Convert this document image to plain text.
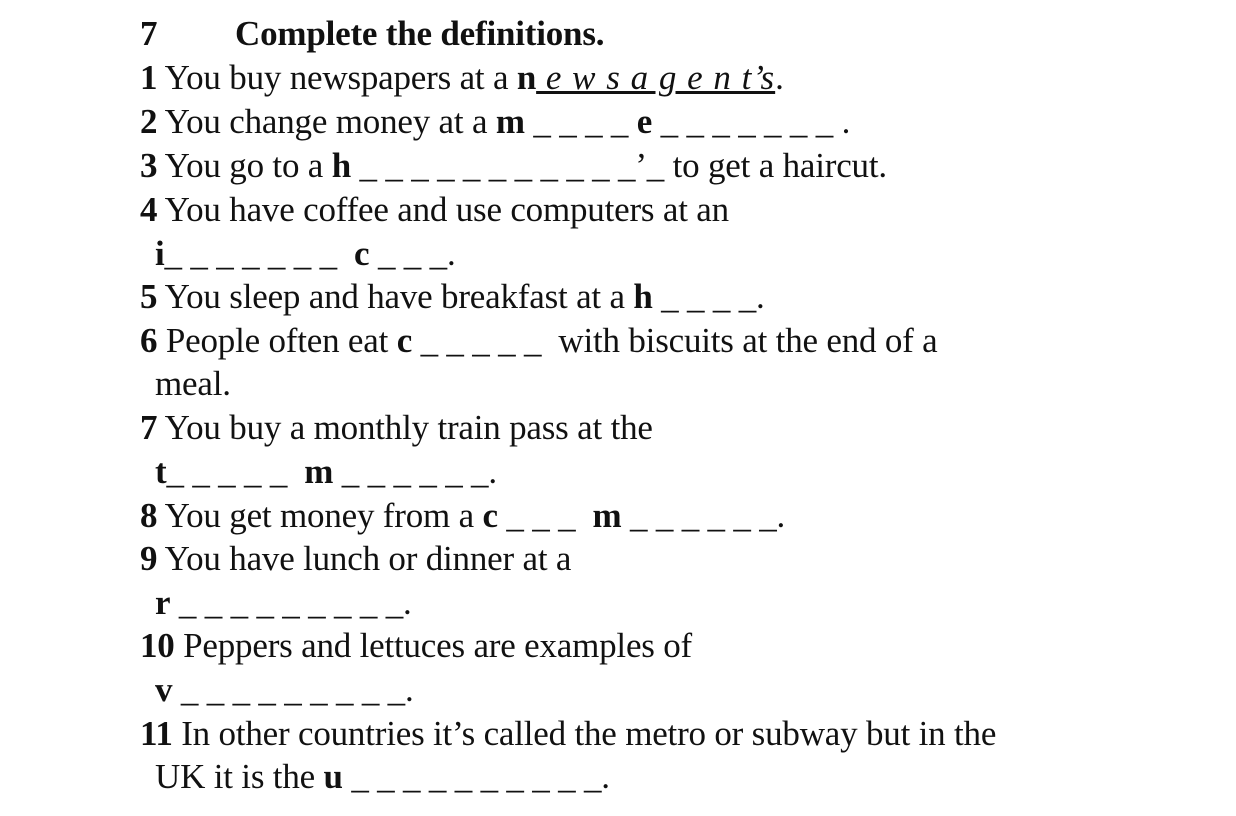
7 Complete the definitions.
1 You buy newspapers at a n e w s a g e n t’s.
2 You change money at a m _ _ _ _ e _ _ _ _ _ _ _ .
3 You go to a h _ _ _ _ _ _ _ _ _ _ _’_ to get a haircut.
4 You have coffee and use computers at an
i_ _ _ _ _ _ _  c _ _ _.
5 You sleep and have breakfast at a h _ _ _ _.
6 People often eat c _ _ _ _ _  with biscuits at the end of a
meal.
7 You buy a monthly train pass at the
t_ _ _ _ _  m _ _ _ _ _ _.
8 You get money from a c _ _ _  m _ _ _ _ _ _.
9 You have lunch or dinner at a
r _ _ _ _ _ _ _ _ _.
10 Peppers and lettuces are examples of
v _ _ _ _ _ _ _ _ _.
11 In other countries it’s called the metro or subway but in the
UK it is the u _ _ _ _ _ _ _ _ _ _.
